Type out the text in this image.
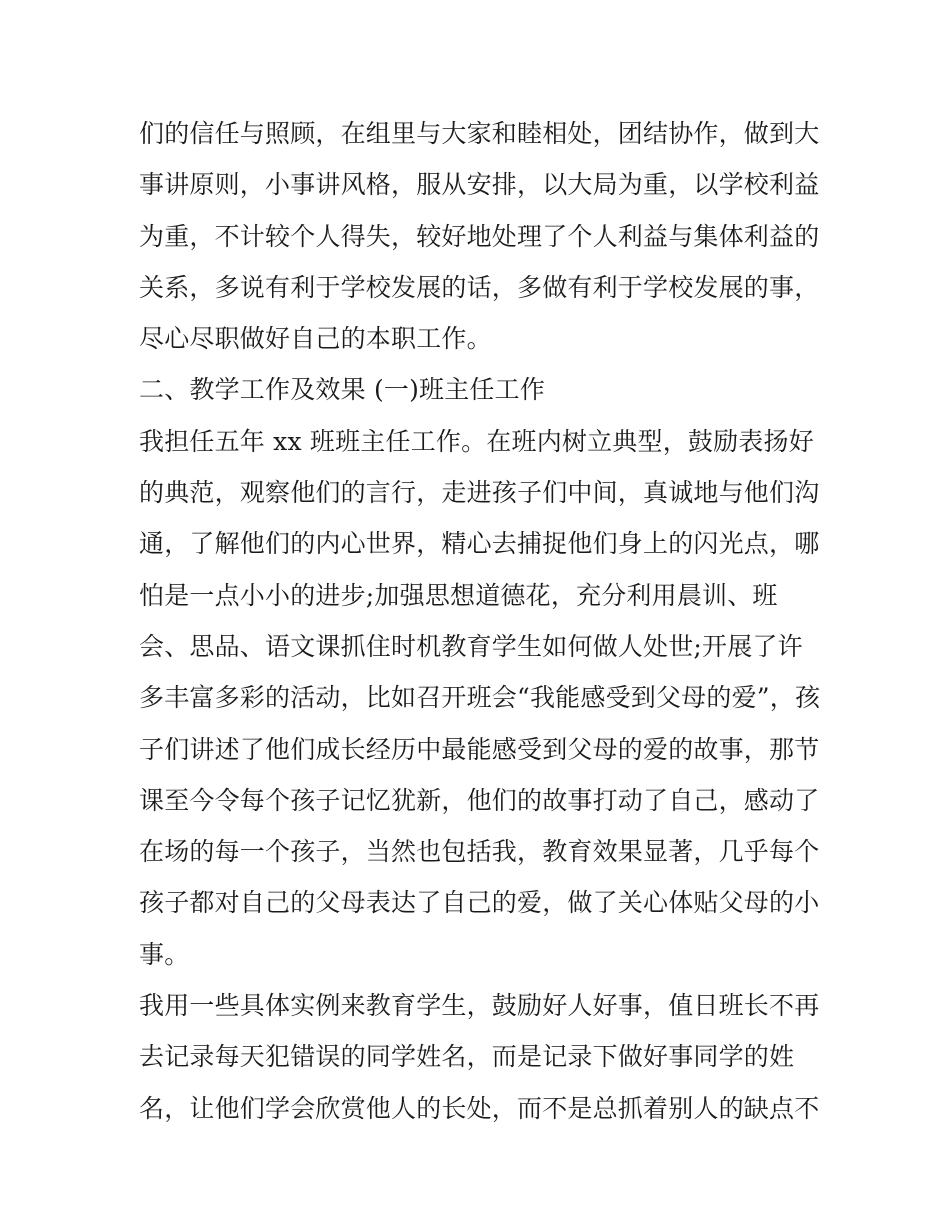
们的信任与照顾，在组里与大家和睦相处，团结协作，做到大
事讲原则，小事讲风格，服从安排，以大局为重，以学校利益
为重，不计较个人得失，较好地处理了个人利益与集体利益的
关系，多说有利于学校发展的话，多做有利于学校发展的事，
尽心尽职做好自己的本职工作。
二、教学工作及效果 (一)班主任工作
我担任五年 xx 班班主任工作。在班内树立典型，鼓励表扬好
的典范，观察他们的言行，走进孩子们中间，真诚地与他们沟
通，了解他们的内心世界，精心去捕捉他们身上的闪光点，哪
怕是一点小小的进步;加强思想道德花，充分利用晨训、班
会、思品、语文课抓住时机教育学生如何做人处世;开展了许
多丰富多彩的活动，比如召开班会“我能感受到父母的爱”，孩
子们讲述了他们成长经历中最能感受到父母的爱的故事，那节
课至今令每个孩子记忆犹新，他们的故事打动了自己，感动了
在场的每一个孩子，当然也包括我，教育效果显著，几乎每个
孩子都对自己的父母表达了自己的爱，做了关心体贴父母的小
事。
我用一些具体实例来教育学生，鼓励好人好事，值日班长不再
去记录每天犯错误的同学姓名，而是记录下做好事同学的姓
名，让他们学会欣赏他人的长处，而不是总抓着别人的缺点不
